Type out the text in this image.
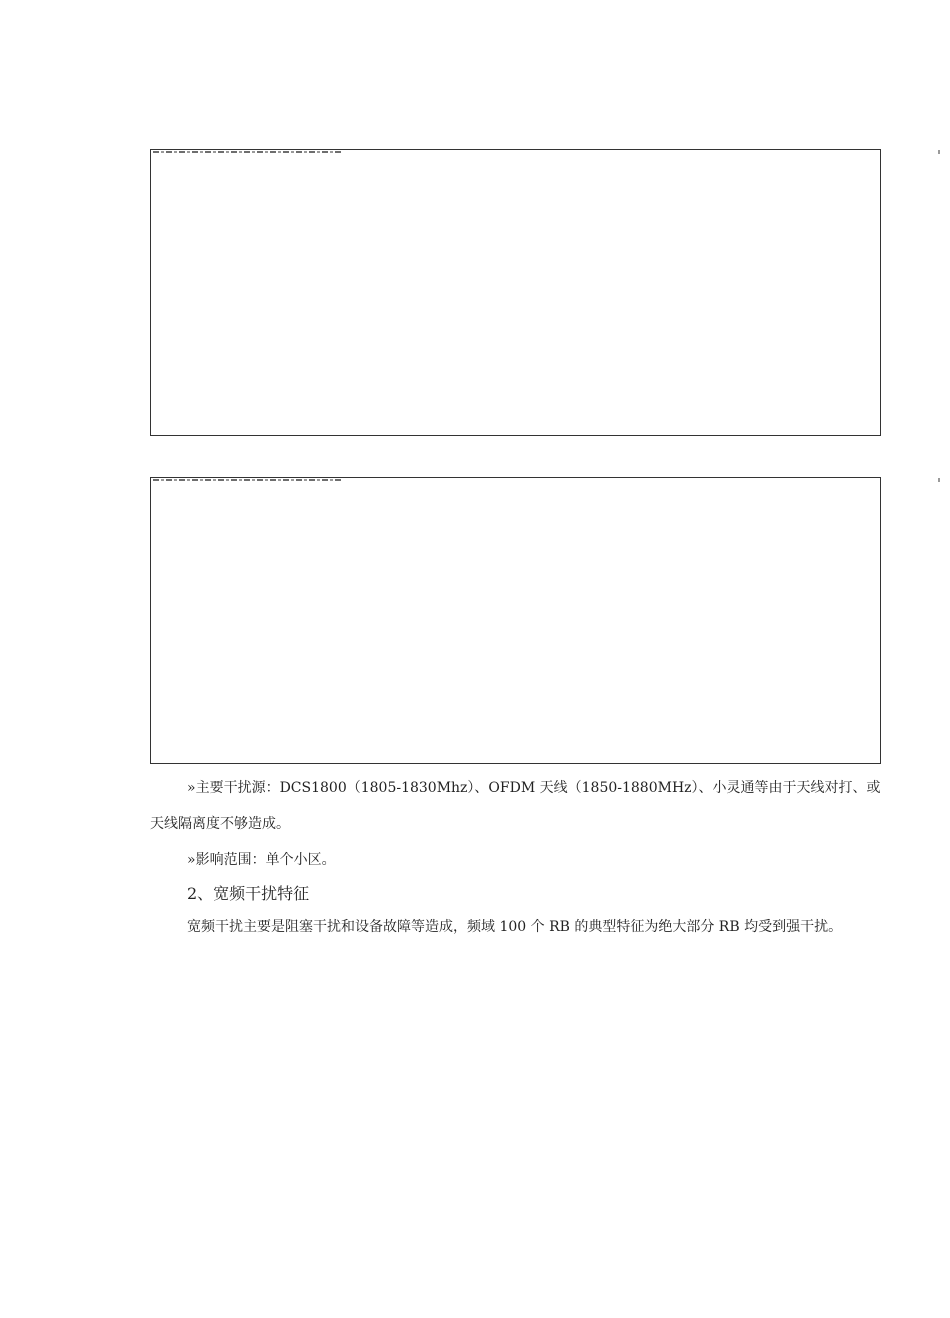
»主要干扰源：DCS1800（1805-1830Mhz）、OFDM 天线（1850-1880MHz）、小灵通等由于天线对打、或

天线隔离度不够造成。

»影响范围：单个小区。

2、宽频干扰特征

宽频干扰主要是阻塞干扰和设备故障等造成，频域 100 个 RB 的典型特征为绝大部分 RB 均受到强干扰。
